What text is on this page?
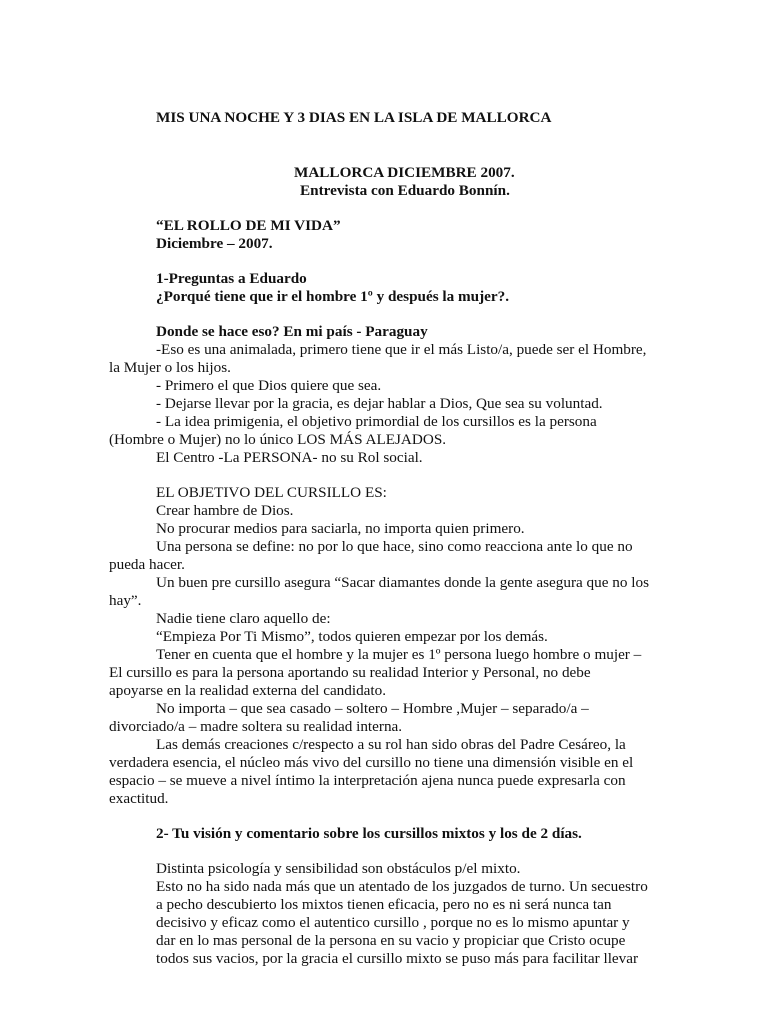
MIS UNA NOCHE Y 3 DIAS EN LA ISLA DE MALLORCA
MALLORCA DICIEMBRE 2007.
Entrevista con Eduardo Bonnín.
“EL ROLLO DE MI VIDA”
Diciembre – 2007.
1-Preguntas a Eduardo
¿Porqué tiene que ir el hombre 1º y después la mujer?.
Donde se hace eso? En mi país - Paraguay
-Eso es una animalada, primero tiene que ir el más Listo/a, puede ser el Hombre,
la Mujer o los hijos.
- Primero el que Dios quiere que sea.
- Dejarse llevar por la gracia, es dejar hablar a Dios, Que sea su voluntad.
- La idea primigenia, el objetivo primordial de los cursillos es la persona
(Hombre o Mujer) no lo único LOS MÁS ALEJADOS.
El Centro -La PERSONA- no su Rol social.
EL OBJETIVO DEL CURSILLO ES:
Crear hambre de Dios.
No procurar medios para saciarla, no importa quien primero.
Una persona se define: no por lo que hace, sino como reacciona ante lo que no
pueda hacer.
Un buen pre cursillo asegura “Sacar diamantes donde la gente asegura que no los
hay”.
Nadie tiene claro aquello de:
“Empieza Por Ti Mismo”, todos quieren empezar por los demás.
Tener en cuenta que el hombre y la mujer es 1º persona luego hombre o mujer –
El cursillo es para la persona aportando su realidad Interior y Personal, no debe
apoyarse en la realidad externa del candidato.
No importa – que sea casado – soltero – Hombre ,Mujer – separado/a –
divorciado/a – madre soltera su realidad interna.
Las demás creaciones c/respecto a su rol han sido obras del Padre Cesáreo, la
verdadera esencia, el núcleo más vivo del cursillo no tiene una dimensión visible en el
espacio – se mueve a nivel íntimo la interpretación ajena nunca puede expresarla con
exactitud.
2- Tu visión y comentario sobre los cursillos mixtos y los de 2 días.
Distinta psicología y sensibilidad son obstáculos p/el mixto.
Esto no ha sido nada más que un atentado de los juzgados de turno. Un secuestro
a pecho descubierto los mixtos tienen eficacia, pero no es ni será nunca tan
decisivo y eficaz como el autentico cursillo , porque no es lo mismo apuntar y
dar en lo mas personal de la persona en su vacio y propiciar que Cristo ocupe
todos sus vacios, por la gracia el cursillo mixto se puso más para facilitar llevar
